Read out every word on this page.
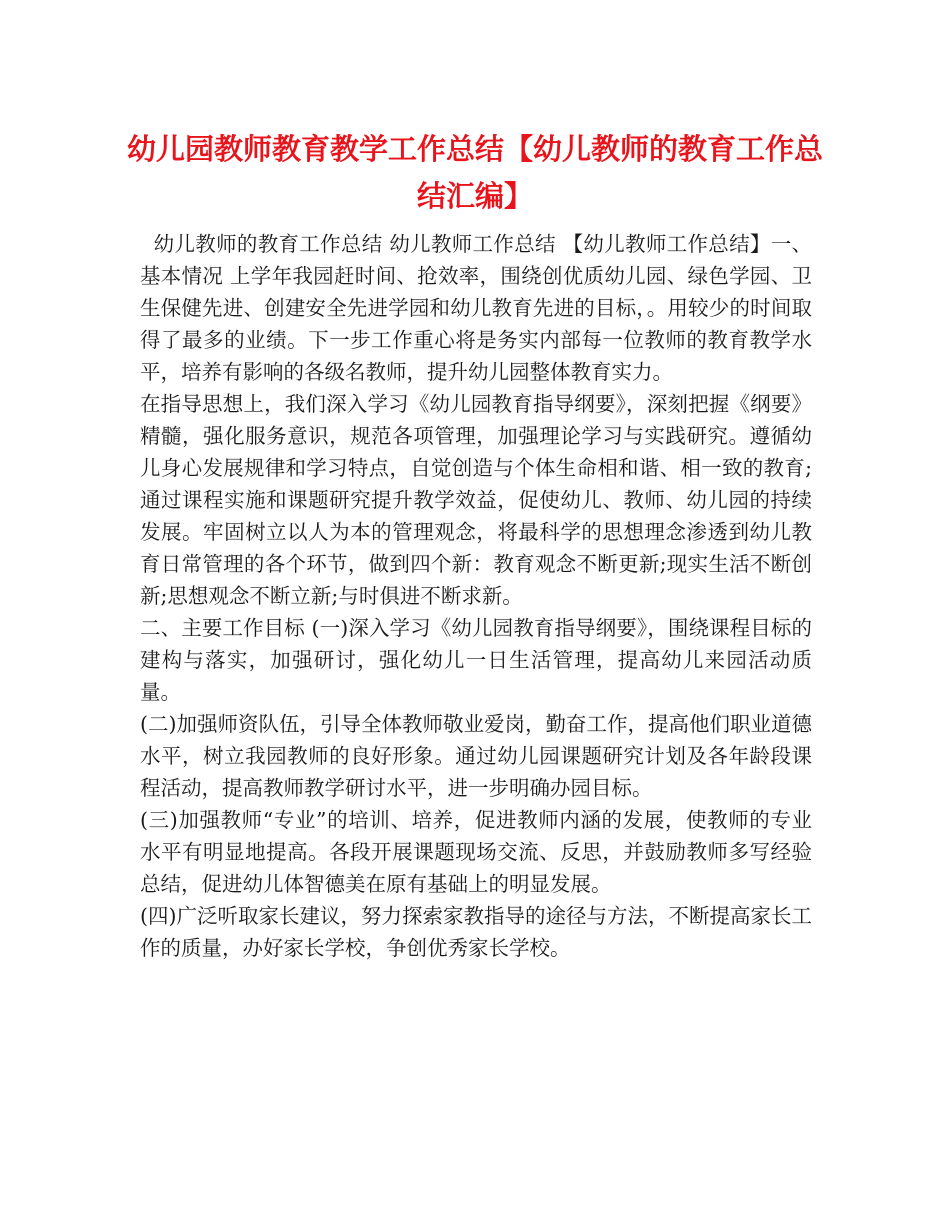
幼儿园教师教育教学工作总结【幼儿教师的教育工作总结汇编】

幼儿教师的教育工作总结 幼儿教师工作总结 【幼儿教师工作总结】一、基本情况 上学年我园赶时间、抢效率，围绕创优质幼儿园、绿色学园、卫生保健先进、创建安全先进学园和幼儿教育先进的目标，。用较少的时间取得了最多的业绩。下一步工作重心将是务实内部每一位教师的教育教学水平，培养有影响的各级名教师，提升幼儿园整体教育实力。

在指导思想上，我们深入学习《幼儿园教育指导纲要》，深刻把握《纲要》精髓，强化服务意识，规范各项管理，加强理论学习与实践研究。遵循幼儿身心发展规律和学习特点，自觉创造与个体生命相和谐、相一致的教育;通过课程实施和课题研究提升教学效益，促使幼儿、教师、幼儿园的持续发展。牢固树立以人为本的管理观念，将最科学的思想理念渗透到幼儿教育日常管理的各个环节，做到四个新：教育观念不断更新;现实生活不断创新;思想观念不断立新;与时俱进不断求新。

二、主要工作目标 (一)深入学习《幼儿园教育指导纲要》，围绕课程目标的建构与落实，加强研讨，强化幼儿一日生活管理，提高幼儿来园活动质量。

(二)加强师资队伍，引导全体教师敬业爱岗，勤奋工作，提高他们职业道德水平，树立我园教师的良好形象。通过幼儿园课题研究计划及各年龄段课程活动，提高教师教学研讨水平，进一步明确办园目标。

(三)加强教师“专业”的培训、培养，促进教师内涵的发展，使教师的专业水平有明显地提高。各段开展课题现场交流、反思，并鼓励教师多写经验总结，促进幼儿体智德美在原有基础上的明显发展。

(四)广泛听取家长建议，努力探索家教指导的途径与方法，不断提高家长工作的质量，办好家长学校，争创优秀家长学校。
